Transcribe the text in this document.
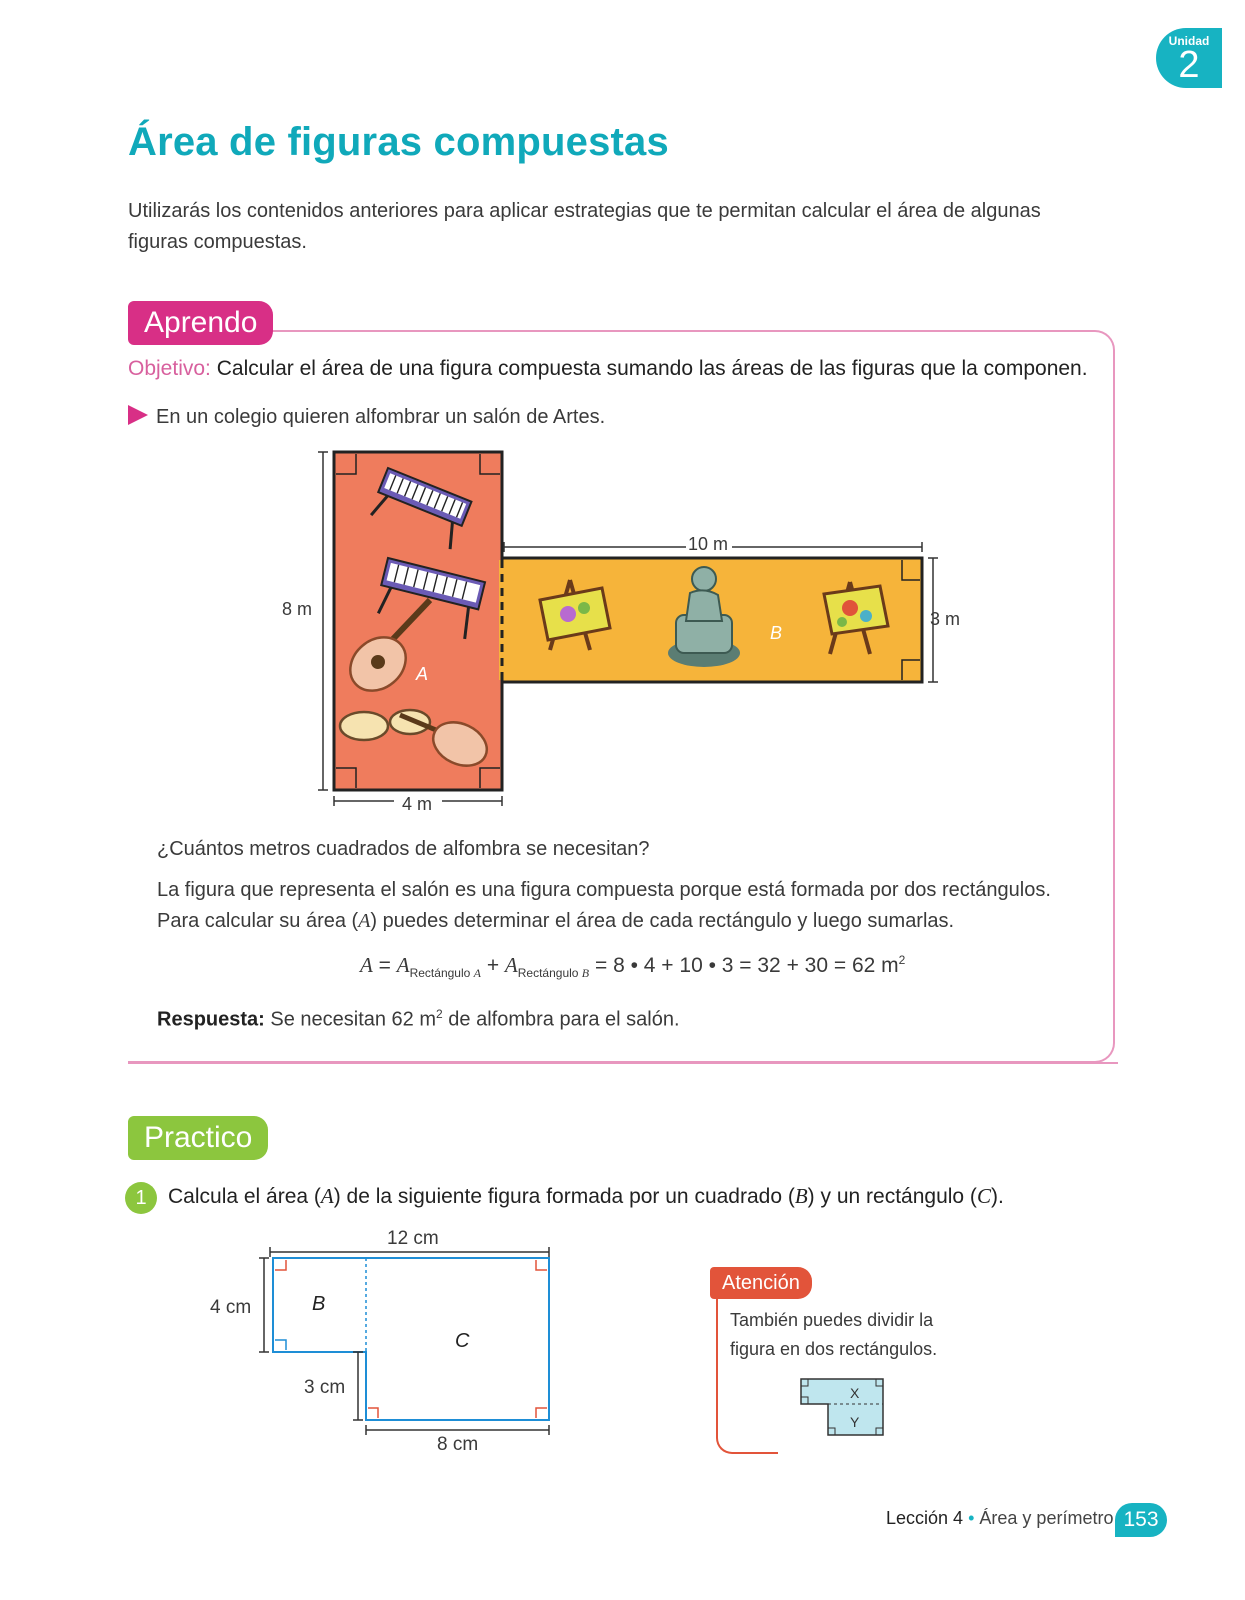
Unidad
2
Área de figuras compuestas
Utilizarás los contenidos anteriores para aplicar estrategias que te permitan calcular el área de algunas figuras compuestas.
Aprendo
Objetivo: Calcular el área de una figura compuesta sumando las áreas de las figuras que la componen.
En un colegio quieren alfombrar un salón de Artes.
A
B
8 m
4 m
10 m
3 m
¿Cuántos metros cuadrados de alfombra se necesitan?
La figura que representa el salón es una figura compuesta porque está formada por dos rectángulos.
Para calcular su área (A) puedes determinar el área de cada rectángulo y luego sumarlas.
$A = A_{Rectángulo A} + A_{Rectángulo B} = 8$ • 4 + 10 • 3 = 32 + 30 = 62 $m^2$
Respuesta: Se necesitan 62 $m^2$ de alfombra para el salón.
Practico
1	Calcula el área (A) de la siguiente figura formada por un cuadrado (B) y un rectángulo (C).
12 cm
4 cm
3 cm
8 cm
B
C
Atención
También puedes dividir la figura en dos rectángulos.
X
Y
Lección 4 • Área y perímetro 153
